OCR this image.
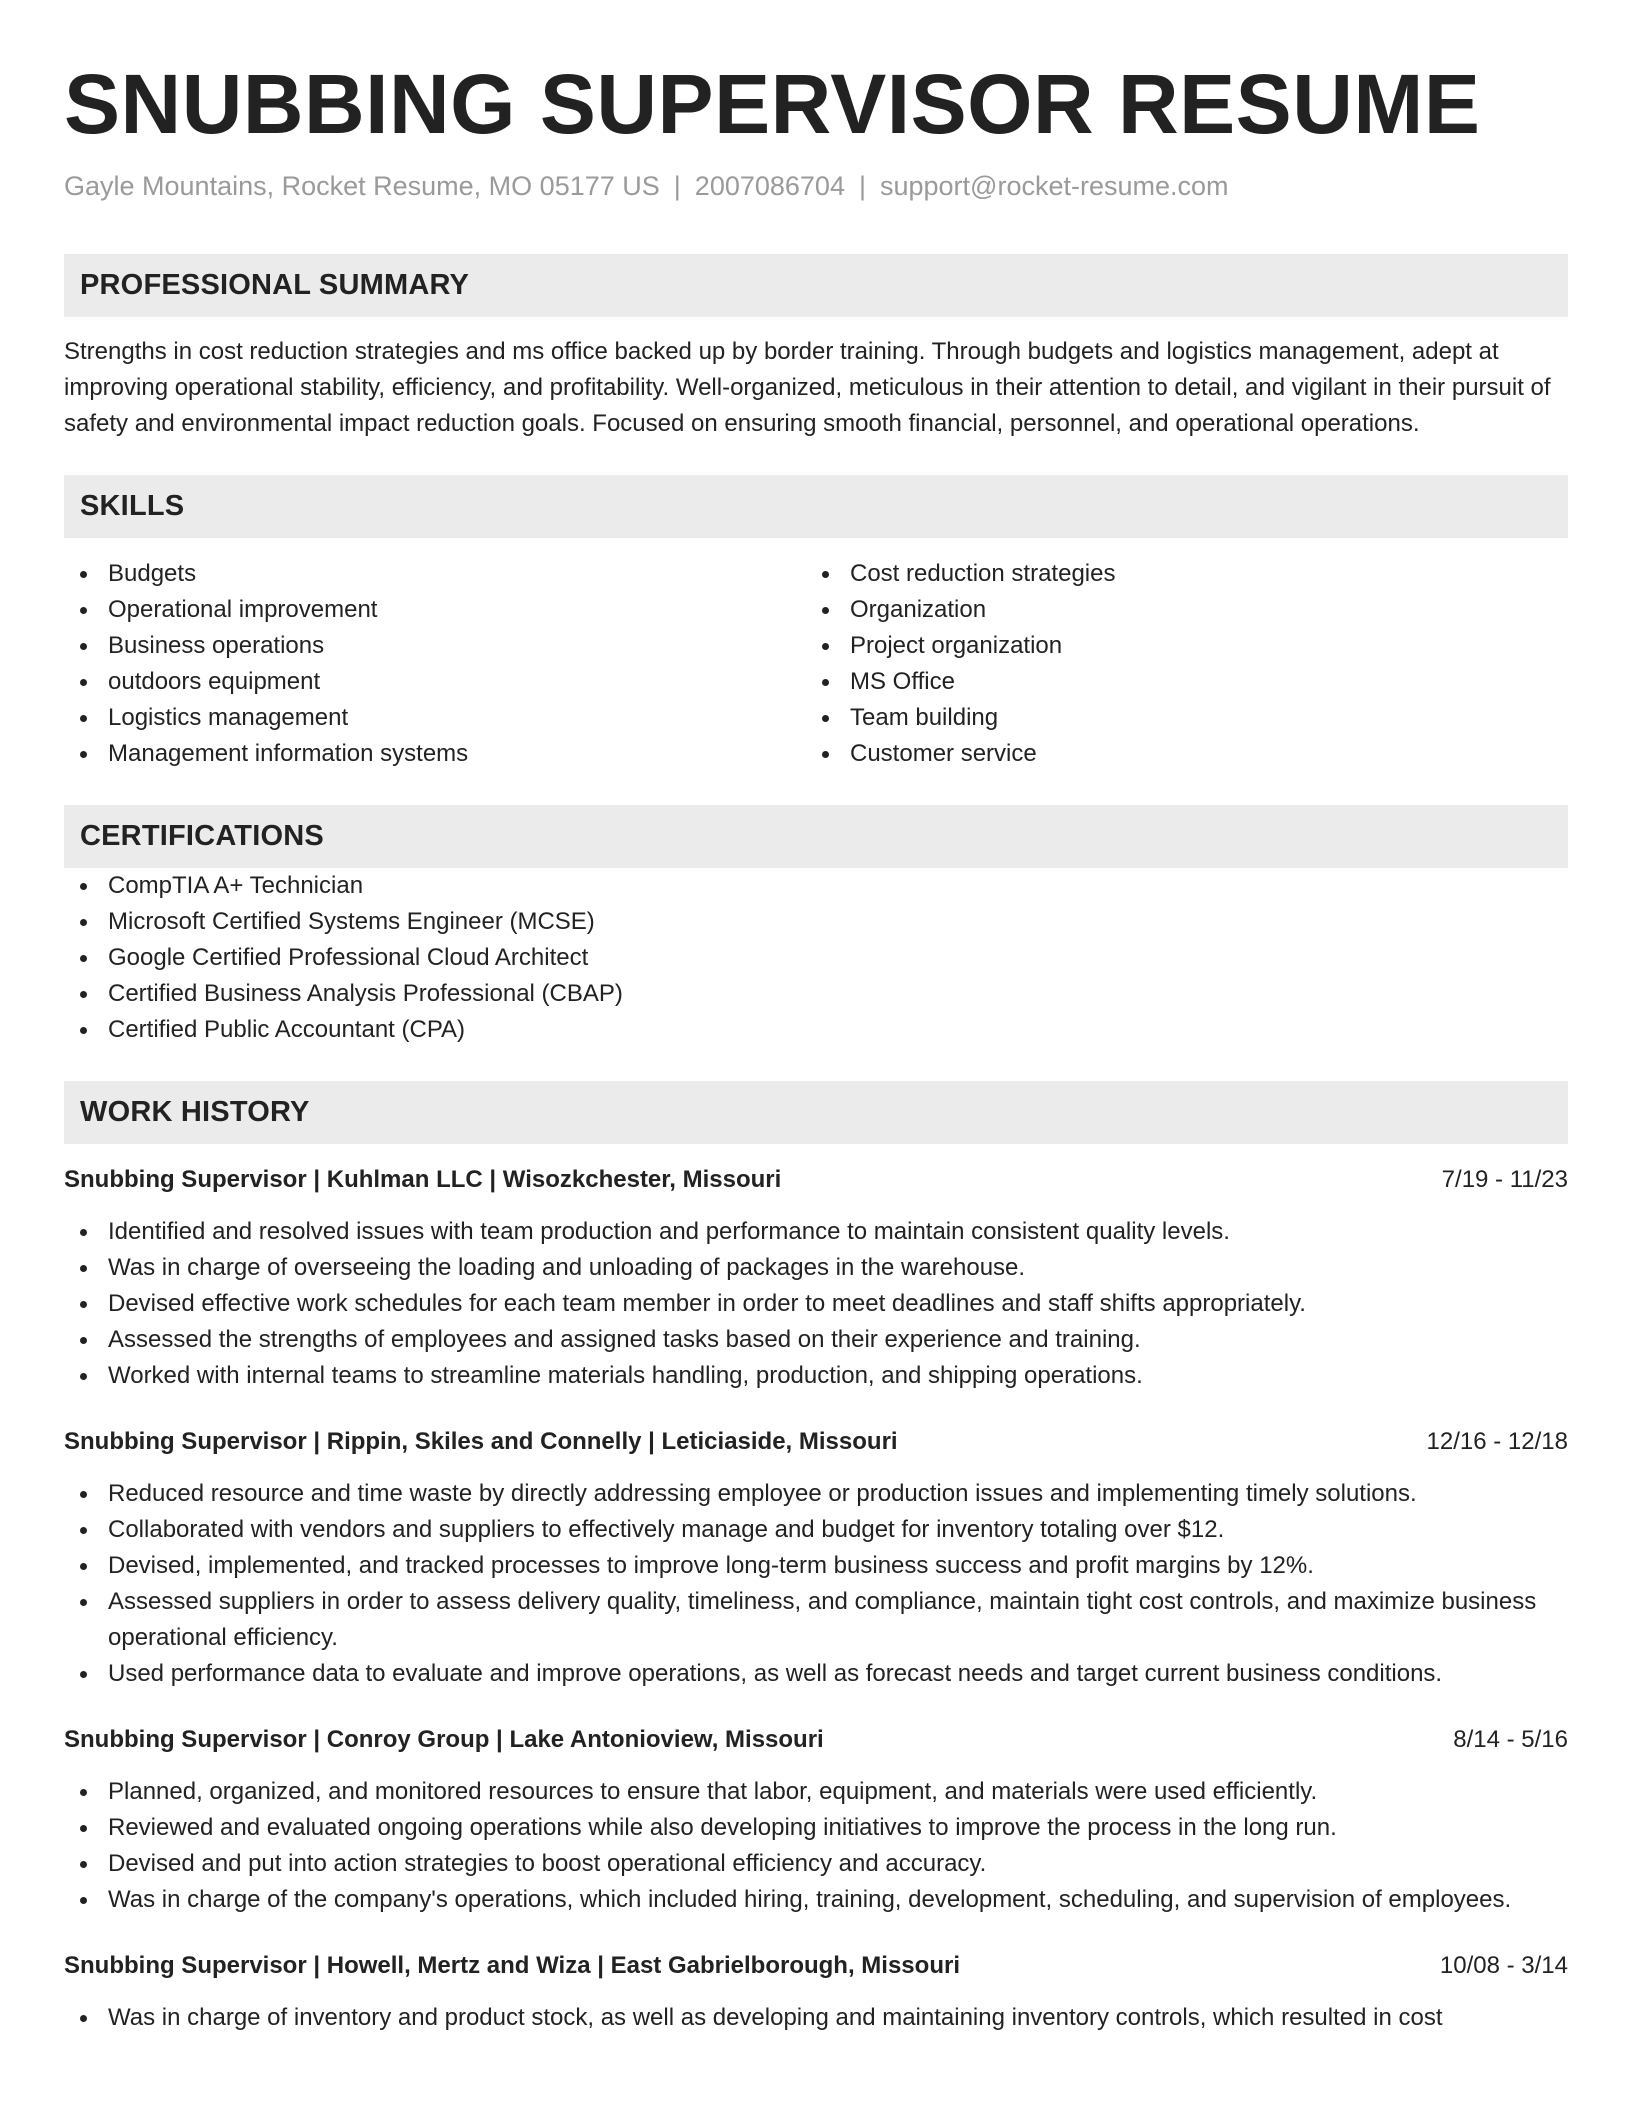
SNUBBING SUPERVISOR RESUME
Gayle Mountains, Rocket Resume, MO 05177 US | 2007086704 | support@rocket-resume.com
PROFESSIONAL SUMMARY

Strengths in cost reduction strategies and ms office backed up by border training. Through budgets and logistics management, adept at improving operational stability, efficiency, and profitability. Well-organized, meticulous in their attention to detail, and vigilant in their pursuit of safety and environmental impact reduction goals. Focused on ensuring smooth financial, personnel, and operational operations.

SKILLS
Budgets
Operational improvement
Business operations
outdoors equipment
Logistics management
Management information systems
Cost reduction strategies
Organization
Project organization
MS Office
Team building
Customer service
CERTIFICATIONS
CompTIA A+ Technician
Microsoft Certified Systems Engineer (MCSE)
Google Certified Professional Cloud Architect
Certified Business Analysis Professional (CBAP)
Certified Public Accountant (CPA)
WORK HISTORY
Snubbing Supervisor | Kuhlman LLC | Wisozkchester, Missouri	7/19 - 11/23
Identified and resolved issues with team production and performance to maintain consistent quality levels.
Was in charge of overseeing the loading and unloading of packages in the warehouse.
Devised effective work schedules for each team member in order to meet deadlines and staff shifts appropriately.
Assessed the strengths of employees and assigned tasks based on their experience and training.
Worked with internal teams to streamline materials handling, production, and shipping operations.
Snubbing Supervisor | Rippin, Skiles and Connelly | Leticiaside, Missouri	12/16 - 12/18
Reduced resource and time waste by directly addressing employee or production issues and implementing timely solutions.
Collaborated with vendors and suppliers to effectively manage and budget for inventory totaling over $12.
Devised, implemented, and tracked processes to improve long-term business success and profit margins by 12%.
Assessed suppliers in order to assess delivery quality, timeliness, and compliance, maintain tight cost controls, and maximize business operational efficiency.
Used performance data to evaluate and improve operations, as well as forecast needs and target current business conditions.
Snubbing Supervisor | Conroy Group | Lake Antonioview, Missouri	8/14 - 5/16
Planned, organized, and monitored resources to ensure that labor, equipment, and materials were used efficiently.
Reviewed and evaluated ongoing operations while also developing initiatives to improve the process in the long run.
Devised and put into action strategies to boost operational efficiency and accuracy.
Was in charge of the company's operations, which included hiring, training, development, scheduling, and supervision of employees.
Snubbing Supervisor | Howell, Mertz and Wiza | East Gabrielborough, Missouri	10/08 - 3/14
Was in charge of inventory and product stock, as well as developing and maintaining inventory controls, which resulted in cost
